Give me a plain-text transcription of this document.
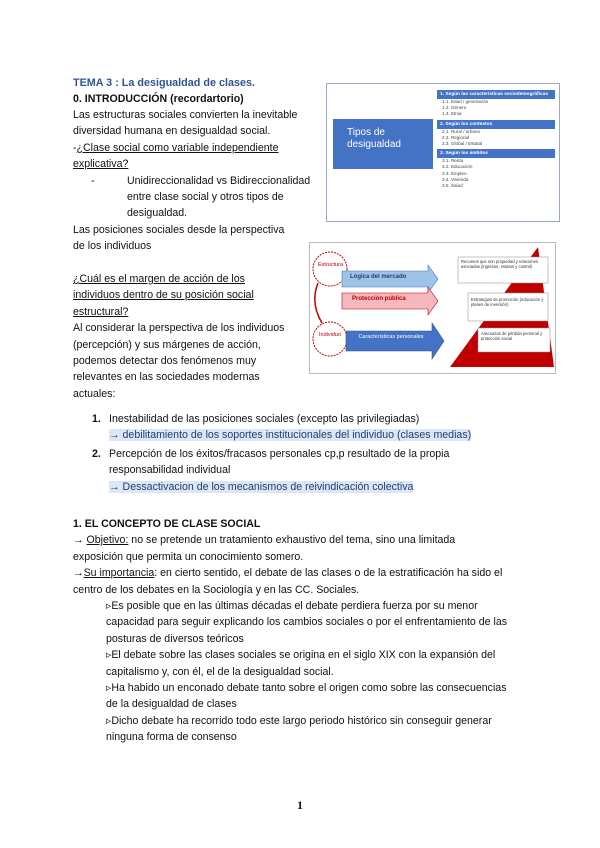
TEMA 3 : La desigualdad de clases.

0. INTRODUCCIÓN (recordartorio)

Las estructuras sociales convierten la inevitable

diversidad humana en desigualdad social.

-¿Clase social como variable independiente

explicativa?

-	Unidireccionalidad vs Bidireccionalidad

entre clase social y otros tipos de

desigualdad.

Las posiciones sociales desde la perspectiva

de los individuos

¿Cuál es el margen de acción de los

individuos dentro de su posición social

estructural?

Al considerar la perspectiva de los individuos

(percepción) y sus márgenes de acción,

podemos detectar dos fenómenos muy

relevantes en las sociedades modernas

actuales:

1. Inestabilidad de las posiciones sociales (excepto las privilegiadas)

→ debilitamiento de los soportes institucionales del individuo (clases medias)

2. Percepción de los éxitos/fracasos personales cp,p resultado de la propia

responsabilidad individual

→ Dessactivacion de los mecanismos de reivindicación colectiva

1. EL CONCEPTO DE CLASE SOCIAL

→ Objetivo: no se pretende un tratamiento exhaustivo del tema, sino una limitada

exposición que permita un conocimiento somero.

→Su importancia: en cierto sentido, el debate de las clases o de la estratificación ha sido el

centro de los debates en la Sociología y en las CC. Sociales.

▹Es posible que en las últimas décadas el debate perdiera fuerza por su menor

capacidad para seguir explicando los cambios sociales o por el enfrentamiento de las

posturas de diversos teóricos

▹El debate sobre las clases sociales se origina en el siglo XIX con la expansión del

capitalismo y, con él, el de la desigualdad social.

▹Ha habido un enconado debate tanto sobre el origen como sobre las consecuencias

de la desigualdad de clases

▹Dicho debate ha recorrido todo este largo periodo histórico sin conseguir generar

ninguna forma de consenso

Tipos de desigualdad
1. Según las características sociodemográficas
1.1. Edad / generación
1.2. Género
1.3. Etnia
2. Según los contextos
2.1. Rural / urbano
2.2. Regional
2.3. Global / Estatal
3. Según los ámbitos
3.1. Renta
3.2. Educación
3.3. Empleo
3.4. Vivienda
3.5. Salud
Estructura
Individuo
Lógica del mercado
Protección pública
Características personales
Recursos que son propiedad y relaciones asociadas (ingresos, estatus y control)
Estrategias de promoción (educación y planes de inversión)
Amenazas de pérdida personal y protección social
1
